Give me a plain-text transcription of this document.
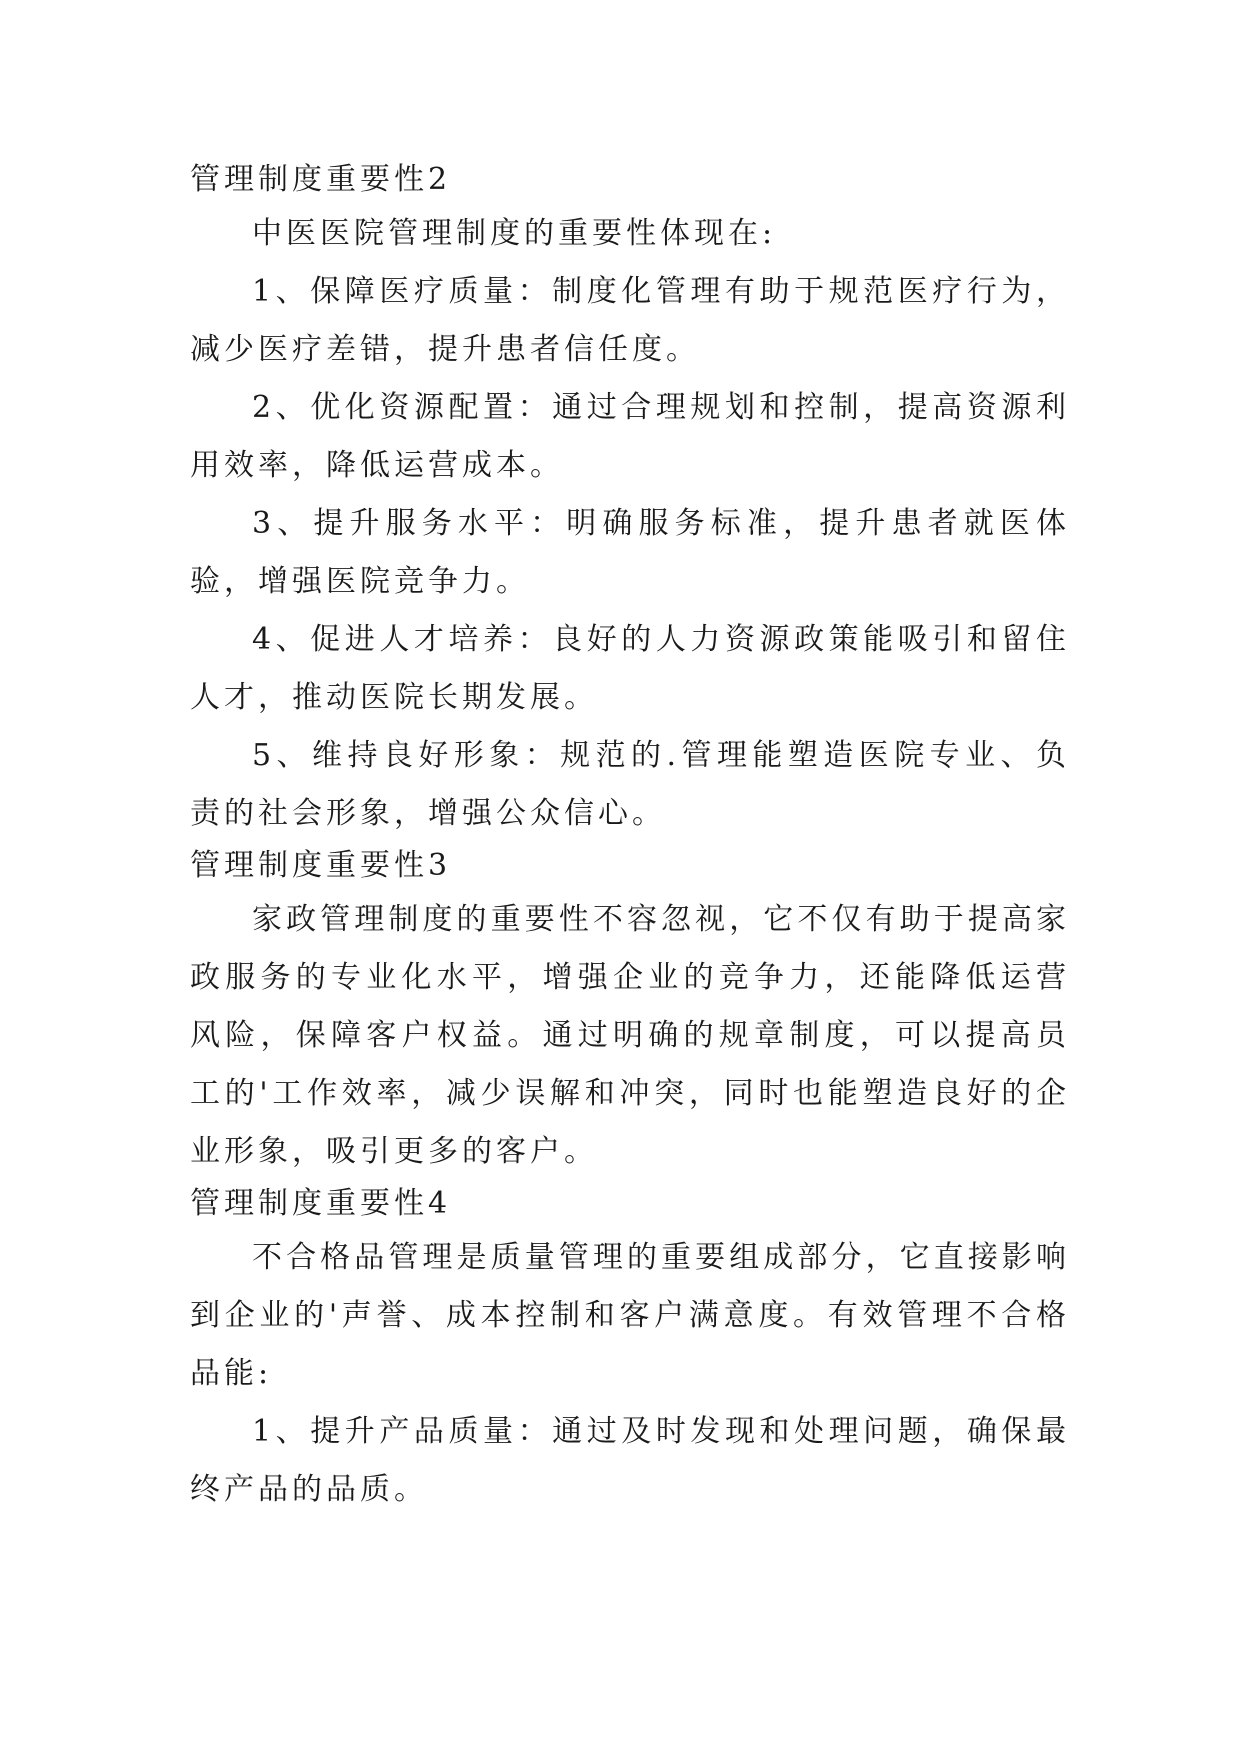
管理制度重要性2

中医医院管理制度的重要性体现在:

1、保障医疗质量：制度化管理有助于规范医疗行为，减少医疗差错，提升患者信任度。

2、优化资源配置：通过合理规划和控制，提高资源利用效率，降低运营成本。

3、提升服务水平：明确服务标准，提升患者就医体验，增强医院竞争力。

4、促进人才培养：良好的人力资源政策能吸引和留住人才，推动医院长期发展。

5、维持良好形象：规范的.管理能塑造医院专业、负责的社会形象，增强公众信心。

管理制度重要性3

家政管理制度的重要性不容忽视，它不仅有助于提高家政服务的专业化水平，增强企业的竞争力，还能降低运营风险，保障客户权益。通过明确的规章制度，可以提高员工的'工作效率，减少误解和冲突，同时也能塑造良好的企业形象，吸引更多的客户。

管理制度重要性4

不合格品管理是质量管理的重要组成部分，它直接影响到企业的'声誉、成本控制和客户满意度。有效管理不合格品能:

1、提升产品质量：通过及时发现和处理问题，确保最终产品的品质。
